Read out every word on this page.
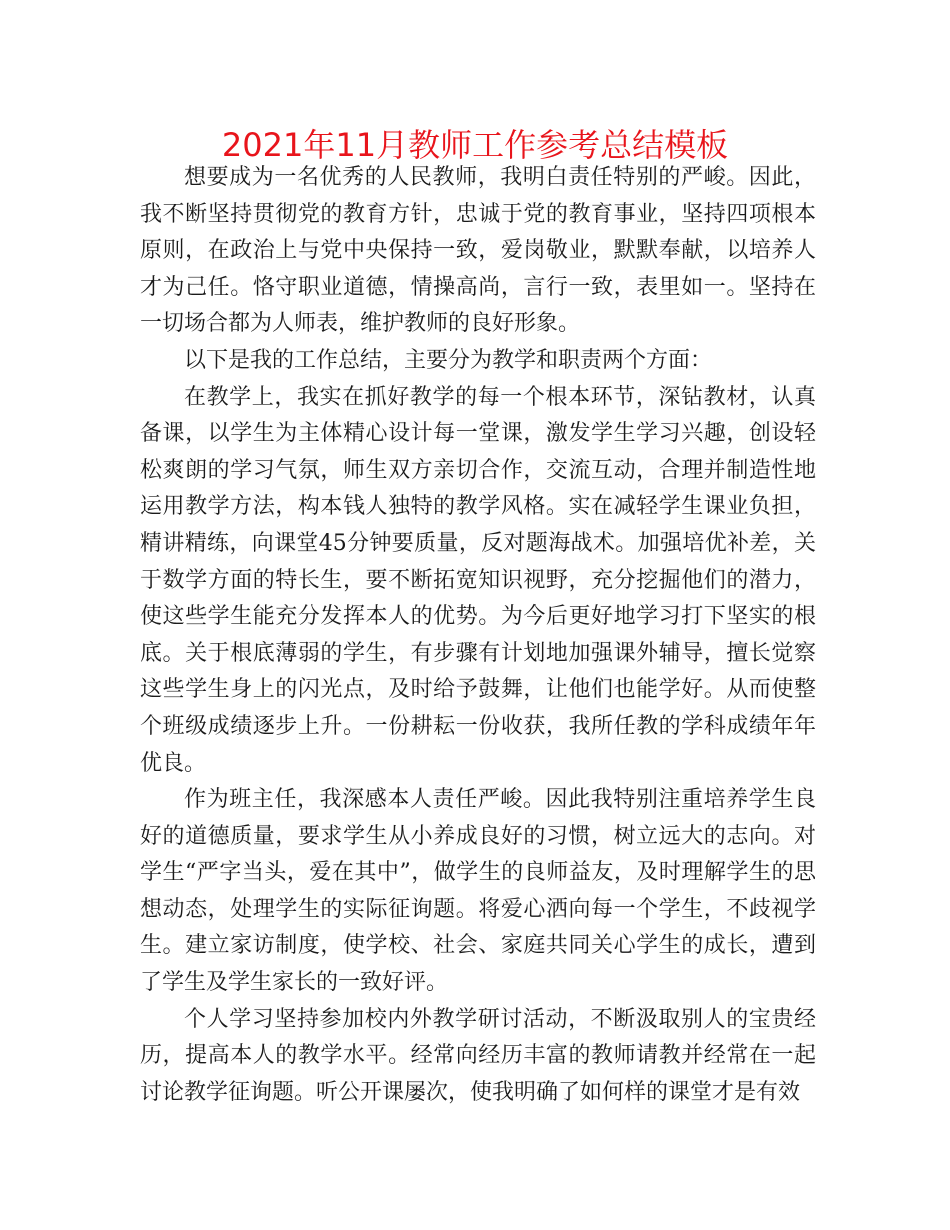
2021年11月教师工作参考总结模板

想要成为一名优秀的人民教师，我明白责任特别的严峻。因此，我不断坚持贯彻党的教育方针，忠诚于党的教育事业，坚持四项根本原则，在政治上与党中央保持一致，爱岗敬业，默默奉献，以培养人才为己任。恪守职业道德，情操高尚，言行一致，表里如一。坚持在一切场合都为人师表，维护教师的良好形象。

以下是我的工作总结，主要分为教学和职责两个方面：

在教学上，我实在抓好教学的每一个根本环节，深钻教材，认真备课，以学生为主体精心设计每一堂课，激发学生学习兴趣，创设轻松爽朗的学习气氛，师生双方亲切合作，交流互动，合理并制造性地运用教学方法，构本钱人独特的教学风格。实在减轻学生课业负担，精讲精练，向课堂45分钟要质量，反对题海战术。加强培优补差，关于数学方面的特长生，要不断拓宽知识视野，充分挖掘他们的潜力，使这些学生能充分发挥本人的优势。为今后更好地学习打下坚实的根底。关于根底薄弱的学生，有步骤有计划地加强课外辅导，擅长觉察这些学生身上的闪光点，及时给予鼓舞，让他们也能学好。从而使整个班级成绩逐步上升。一份耕耘一份收获，我所任教的学科成绩年年优良。

作为班主任，我深感本人责任严峻。因此我特别注重培养学生良好的道德质量，要求学生从小养成良好的习惯，树立远大的志向。对学生“严字当头，爱在其中”，做学生的良师益友，及时理解学生的思想动态，处理学生的实际征询题。将爱心洒向每一个学生，不歧视学生。建立家访制度，使学校、社会、家庭共同关心学生的成长，遭到了学生及学生家长的一致好评。

个人学习坚持参加校内外教学研讨活动，不断汲取别人的宝贵经历，提高本人的教学水平。经常向经历丰富的教师请教并经常在一起讨论教学征询题。听公开课屡次，使我明确了如何样的课堂才是有效
